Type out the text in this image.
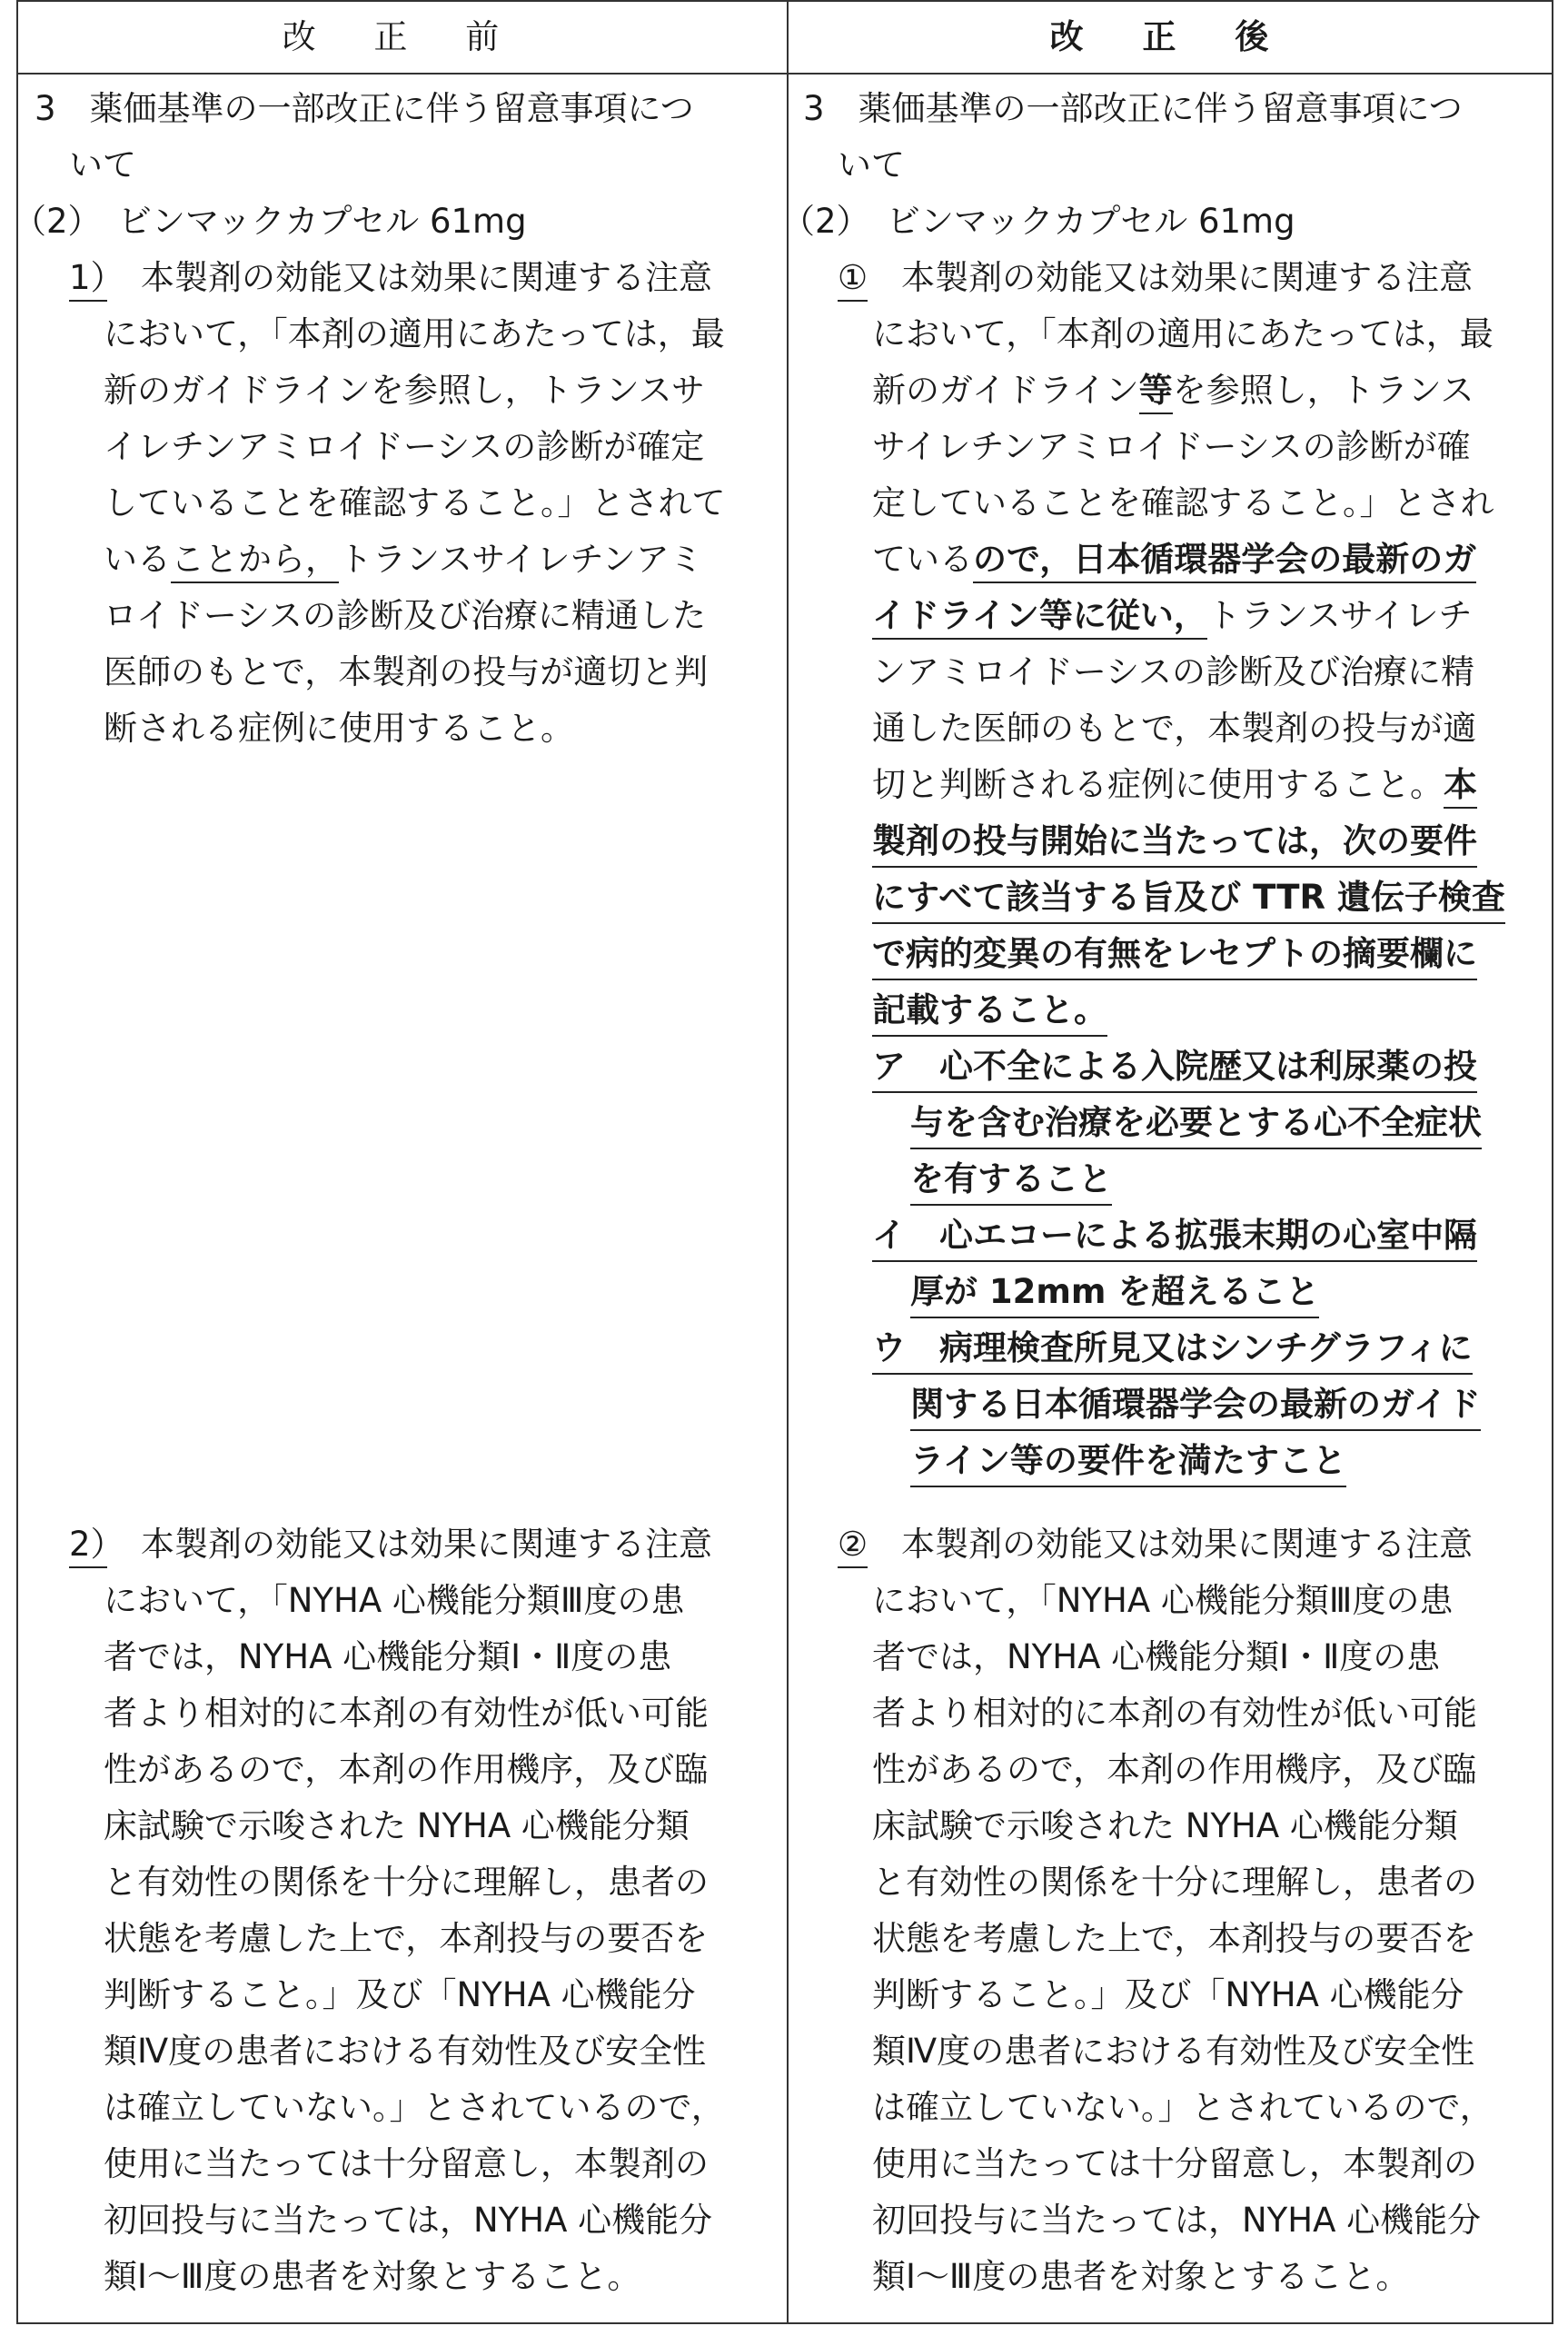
改 正 前	改 正 後
3　薬価基準の一部改正に伴う留意事項につ
いて
（2）　ビンマックカプセル 61mg
1）　 本製剤の効能又は効果に関連する注意
において，「本剤の適用にあたっては，最
新のガイドラインを参照し，トランスサ
イレチンアミロイドーシスの診断が確定
していることを確認すること。」とされて
いることから，トランスサイレチンアミ
ロイドーシスの診断及び治療に精通した
医師のもとで，本製剤の投与が適切と判
断される症例に使用すること。
2）　 本製剤の効能又は効果に関連する注意
において，「NYHA 心機能分類Ⅲ度の患
者では，NYHA 心機能分類Ⅰ・Ⅱ度の患
者より相対的に本剤の有効性が低い可能
性があるので，本剤の作用機序，及び臨
床試験で示唆された NYHA 心機能分類
と有効性の関係を十分に理解し，患者の
状態を考慮した上で，本剤投与の要否を
判断すること。」及び「NYHA 心機能分
類Ⅳ度の患者における有効性及び安全性
は確立していない。」とされているので，
使用に当たっては十分留意し，本製剤の
初回投与に当たっては，NYHA 心機能分
類Ⅰ～Ⅲ度の患者を対象とすること。
3　薬価基準の一部改正に伴う留意事項につ
いて
（2）　ビンマックカプセル 61mg
①　 本製剤の効能又は効果に関連する注意
において，「本剤の適用にあたっては，最
新のガイドライン等を参照し，トランス
サイレチンアミロイドーシスの診断が確
定していることを確認すること。」とされ
ているので，日本循環器学会の最新のガ
イドライン等に従い，トランスサイレチ
ンアミロイドーシスの診断及び治療に精
通した医師のもとで，本製剤の投与が適
切と判断される症例に使用すること。本
製剤の投与開始に当たっては，次の要件
にすべて該当する旨及び TTR 遺伝子検査
で病的変異の有無をレセプトの摘要欄に
記載すること。
ア　心不全による入院歴又は利尿薬の投
与を含む治療を必要とする心不全症状
を有すること
イ　心エコーによる拡張末期の心室中隔
厚が 12mm を超えること
ウ　病理検査所見又はシンチグラフィに
関する日本循環器学会の最新のガイド
ライン等の要件を満たすこと
②　 本製剤の効能又は効果に関連する注意
において，「NYHA 心機能分類Ⅲ度の患
者では，NYHA 心機能分類Ⅰ・Ⅱ度の患
者より相対的に本剤の有効性が低い可能
性があるので，本剤の作用機序，及び臨
床試験で示唆された NYHA 心機能分類
と有効性の関係を十分に理解し，患者の
状態を考慮した上で，本剤投与の要否を
判断すること。」及び「NYHA 心機能分
類Ⅳ度の患者における有効性及び安全性
は確立していない。」とされているので，
使用に当たっては十分留意し，本製剤の
初回投与に当たっては，NYHA 心機能分
類Ⅰ～Ⅲ度の患者を対象とすること。
